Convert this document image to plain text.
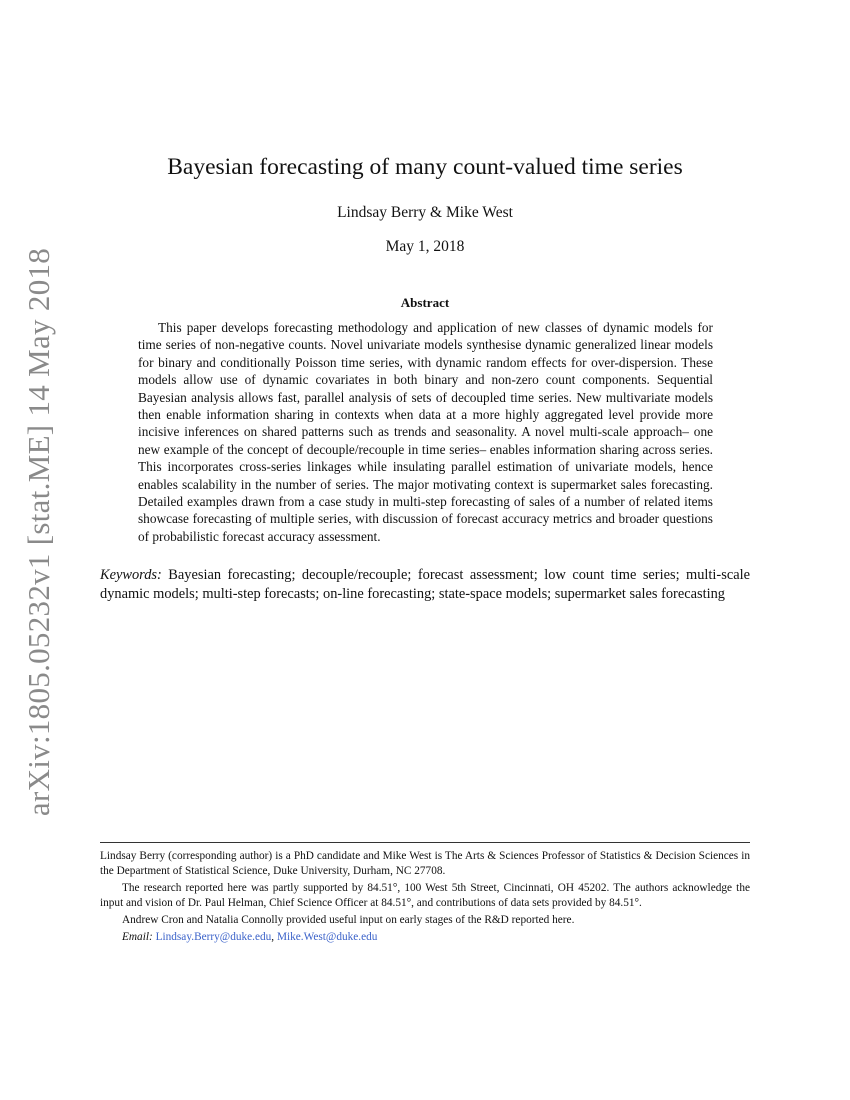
arXiv:1805.05232v1 [stat.ME] 14 May 2018
Bayesian forecasting of many count-valued time series
Lindsay Berry & Mike West
May 1, 2018
Abstract
This paper develops forecasting methodology and application of new classes of dynamic models for time series of non-negative counts. Novel univariate models synthesise dynamic generalized linear models for binary and conditionally Poisson time series, with dynamic random effects for over-dispersion. These models allow use of dynamic covariates in both binary and non-zero count components. Sequential Bayesian analysis allows fast, parallel analysis of sets of decoupled time series. New multivariate models then enable information sharing in contexts when data at a more highly aggregated level provide more incisive inferences on shared patterns such as trends and seasonality. A novel multi-scale approach– one new example of the concept of decouple/recouple in time series– enables information sharing across series. This incorporates cross-series linkages while insulating parallel estimation of univariate models, hence enables scalability in the number of series. The major motivating context is supermarket sales forecasting. Detailed examples drawn from a case study in multi-step forecasting of sales of a number of related items showcase forecasting of multiple series, with discussion of forecast accuracy metrics and broader questions of probabilistic forecast accuracy assessment.
Keywords: Bayesian forecasting; decouple/recouple; forecast assessment; low count time series; multi-scale dynamic models; multi-step forecasts; on-line forecasting; state-space models; supermarket sales forecasting

Lindsay Berry (corresponding author) is a PhD candidate and Mike West is The Arts & Sciences Professor of Statistics & Decision Sciences in the Department of Statistical Science, Duke University, Durham, NC 27708.

The research reported here was partly supported by 84.51°, 100 West 5th Street, Cincinnati, OH 45202. The authors acknowledge the input and vision of Dr. Paul Helman, Chief Science Officer at 84.51°, and contributions of data sets provided by 84.51°.

Andrew Cron and Natalia Connolly provided useful input on early stages of the R&D reported here.

Email: Lindsay.Berry@duke.edu, Mike.West@duke.edu
